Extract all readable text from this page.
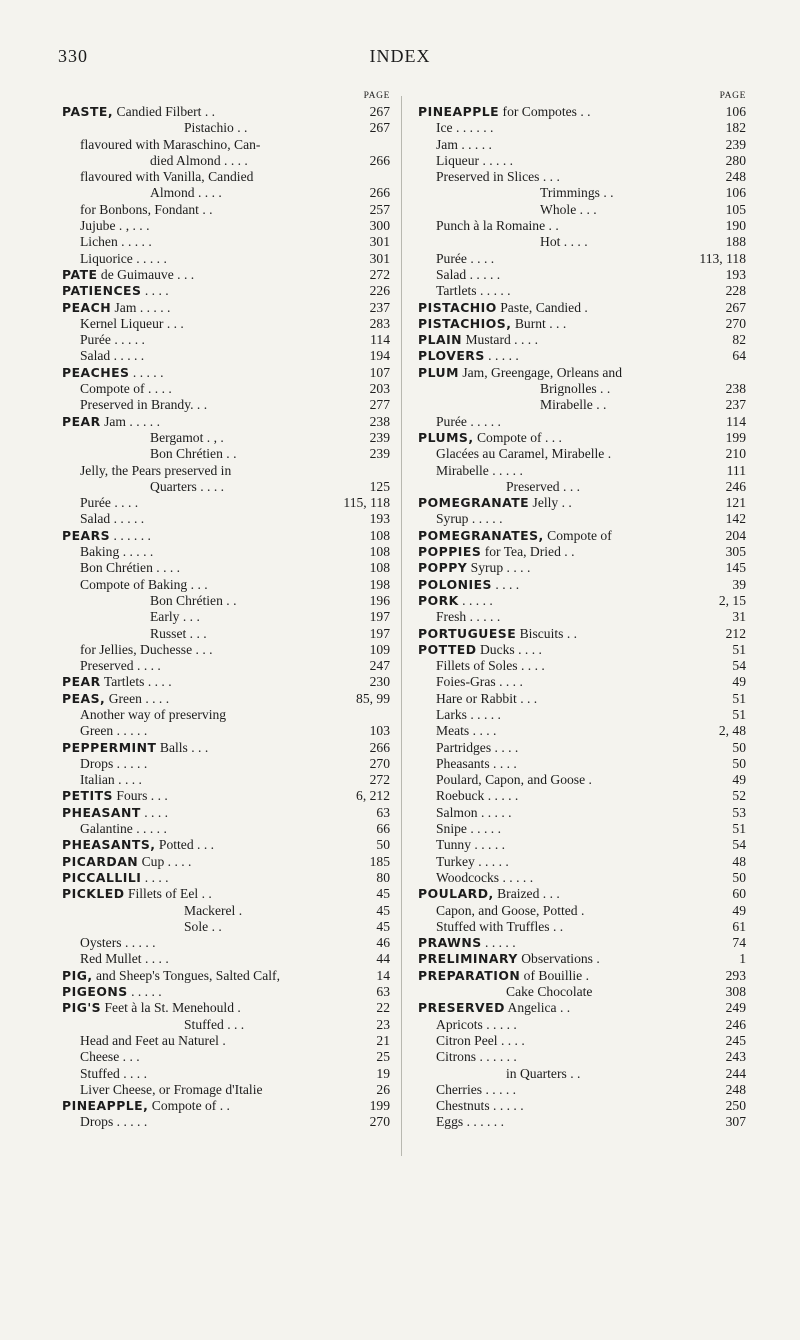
330	INDEX
PAGE
PASTE, Candied Filbert . .	267
Pistachio . .	267
flavoured with Maraschino, Can-
died Almond . . . .	266
flavoured with Vanilla, Candied
Almond . . . .	266
for Bonbons, Fondant . .	257
Jujube . , . . .	300
Lichen . . . . .	301
Liquorice . . . . .	301
PATE de Guimauve . . .	272
PATIENCES . . . .	226
PEACH Jam . . . . .	237
Kernel Liqueur . . .	283
Purée . . . . .	114
Salad . . . . .	194
PEACHES . . . . .	107
Compote of . . . .	203
Preserved in Brandy. . .	277
PEAR Jam . . . . .	238
Bergamot . , .	239
Bon Chrétien . .	239
Jelly, the Pears preserved in
Quarters . . . .	125
Purée . . . .	115, 118
Salad . . . . .	193
PEARS . . . . . .	108
Baking . . . . .	108
Bon Chrétien . . . .	108
Compote of Baking . . .	198
Bon Chrétien . .	196
Early . . .	197
Russet . . .	197
for Jellies, Duchesse . . .	109
Preserved . . . .	247
PEAR Tartlets . . . .	230
PEAS, Green . . . .	85, 99
Another way of preserving
Green . . . . .	103
PEPPERMINT Balls . . .	266
Drops . . . . .	270
Italian . . . .	272
PETITS Fours . . .	6, 212
PHEASANT . . . .	63
Galantine . . . . .	66
PHEASANTS, Potted . . .	50
PICARDAN Cup . . . .	185
PICCALLILI . . . .	80
PICKLED Fillets of Eel . .	45
Mackerel .	45
Sole . .	45
Oysters . . . . .	46
Red Mullet . . . .	44
PIG, and Sheep's Tongues, Salted Calf,	14
PIGEONS . . . . .	63
PIG'S Feet à la St. Menehould .	22
Stuffed . . .	23
Head and Feet au Naturel .	21
Cheese . . .	25
Stuffed . . . .	19
Liver Cheese, or Fromage d'Italie	26
PINEAPPLE, Compote of . .	199
Drops . . . . .	270
PAGE
PINEAPPLE for Compotes . .	106
Ice . . . . . .	182
Jam . . . . .	239
Liqueur . . . . .	280
Preserved in Slices . . .	248
Trimmings . .	106
Whole . . .	105
Punch à la Romaine . .	190
Hot . . . .	188
Purée . . . .	113, 118
Salad . . . . .	193
Tartlets . . . . .	228
PISTACHIO Paste, Candied .	267
PISTACHIOS, Burnt . . .	270
PLAIN Mustard . . . .	82
PLOVERS . . . . .	64
PLUM Jam, Greengage, Orleans and
Brignolles . .	238
Mirabelle . .	237
Purée . . . . .	114
PLUMS, Compote of . . .	199
Glacées au Caramel, Mirabelle .	210
Mirabelle . . . . .	111
Preserved . . .	246
POMEGRANATE Jelly . .	121
Syrup . . . . .	142
POMEGRANATES, Compote of	204
POPPIES for Tea, Dried . .	305
POPPY Syrup . . . .	145
POLONIES . . . .	39
PORK . . . . .	2, 15
Fresh . . . . .	31
PORTUGUESE Biscuits . .	212
POTTED Ducks . . . .	51
Fillets of Soles . . . .	54
Foies-Gras . . . .	49
Hare or Rabbit . . .	51
Larks . . . . .	51
Meats . . . .	2, 48
Partridges . . . .	50
Pheasants . . . .	50
Poulard, Capon, and Goose .	49
Roebuck . . . . .	52
Salmon . . . . .	53
Snipe . . . . .	51
Tunny . . . . .	54
Turkey . . . . .	48
Woodcocks . . . . .	50
POULARD, Braized . . .	60
Capon, and Goose, Potted .	49
Stuffed with Truffles . .	61
PRAWNS . . . . .	74
PRELIMINARY Observations .	1
PREPARATION of Bouillie .	293
Cake Chocolate	308
PRESERVED Angelica . .	249
Apricots . . . . .	246
Citron Peel . . . .	245
Citrons . . . . . .	243
in Quarters . .	244
Cherries . . . . .	248
Chestnuts . . . . .	250
Eggs . . . . . .	307
